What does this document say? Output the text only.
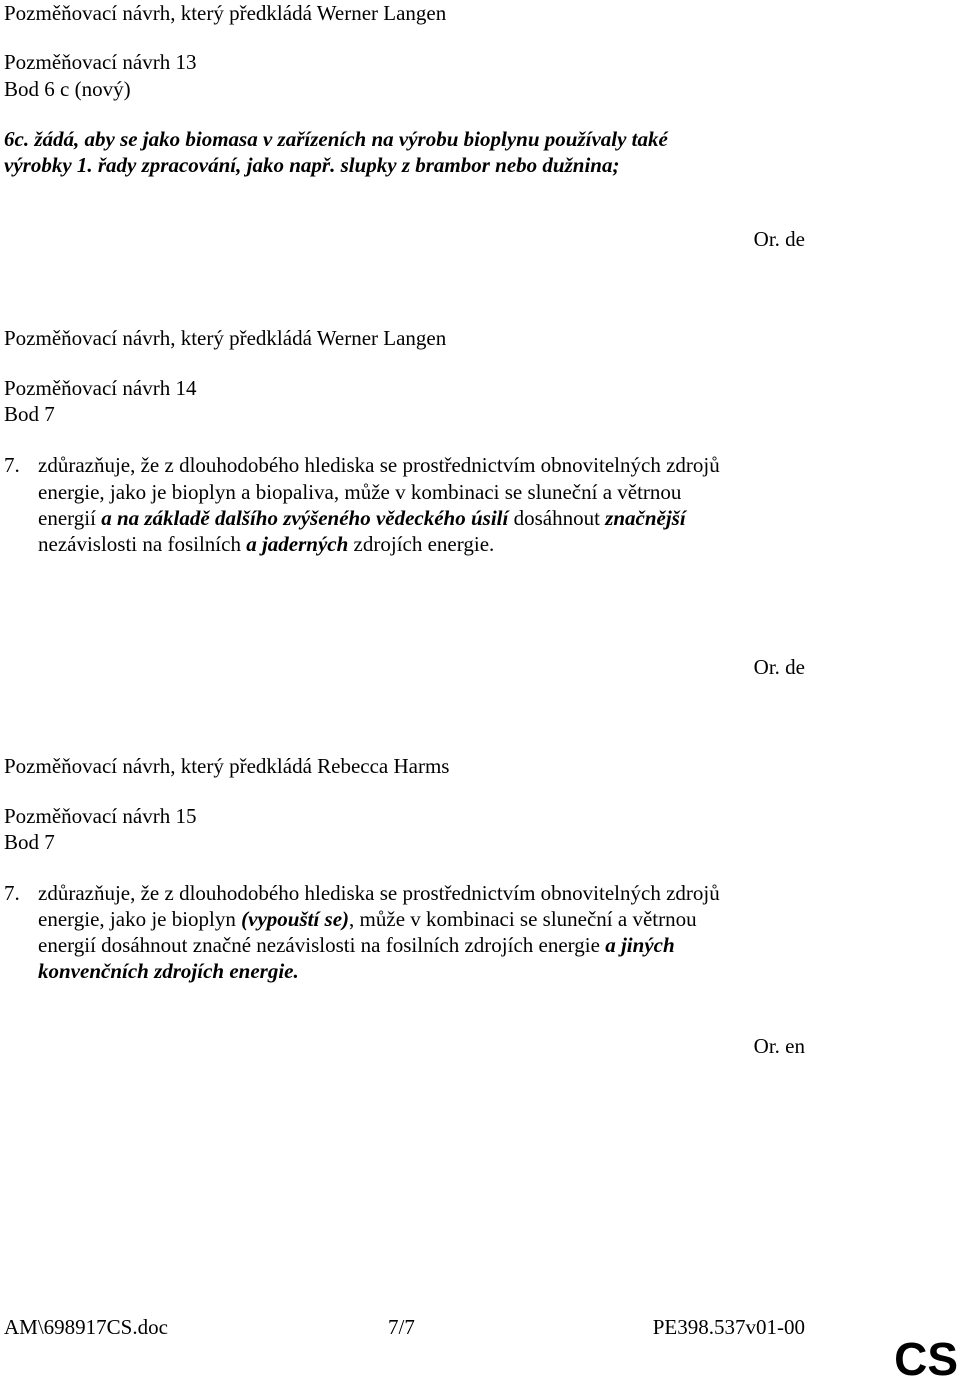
Pozměňovací návrh, který předkládá Werner Langen
Pozměňovací návrh 13
Bod 6 c (nový)
6c. žádá, aby se jako biomasa v zařízeních na výrobu bioplynu používaly také
výrobky 1. řady zpracování, jako např. slupky z brambor nebo dužnina;
Or. de
Pozměňovací návrh, který předkládá Werner Langen
Pozměňovací návrh 14
Bod 7
7. zdůrazňuje, že z dlouhodobého hlediska se prostřednictvím obnovitelných zdrojů
energie, jako je bioplyn a biopaliva, může v kombinaci se sluneční a větrnou
energií a na základě dalšího zvýšeného vědeckého úsilí dosáhnout značnější
nezávislosti na fosilních a jaderných zdrojích energie.
Or. de
Pozměňovací návrh, který předkládá Rebecca Harms
Pozměňovací návrh 15
Bod 7
7. zdůrazňuje, že z dlouhodobého hlediska se prostřednictvím obnovitelných zdrojů
energie, jako je bioplyn (vypouští se), může v kombinaci se sluneční a větrnou
energií dosáhnout značné nezávislosti na fosilních zdrojích energie a jiných
konvenčních zdrojích energie.
Or. en
AM\698917CS.doc	7/7	PE398.537v01-00
CS
